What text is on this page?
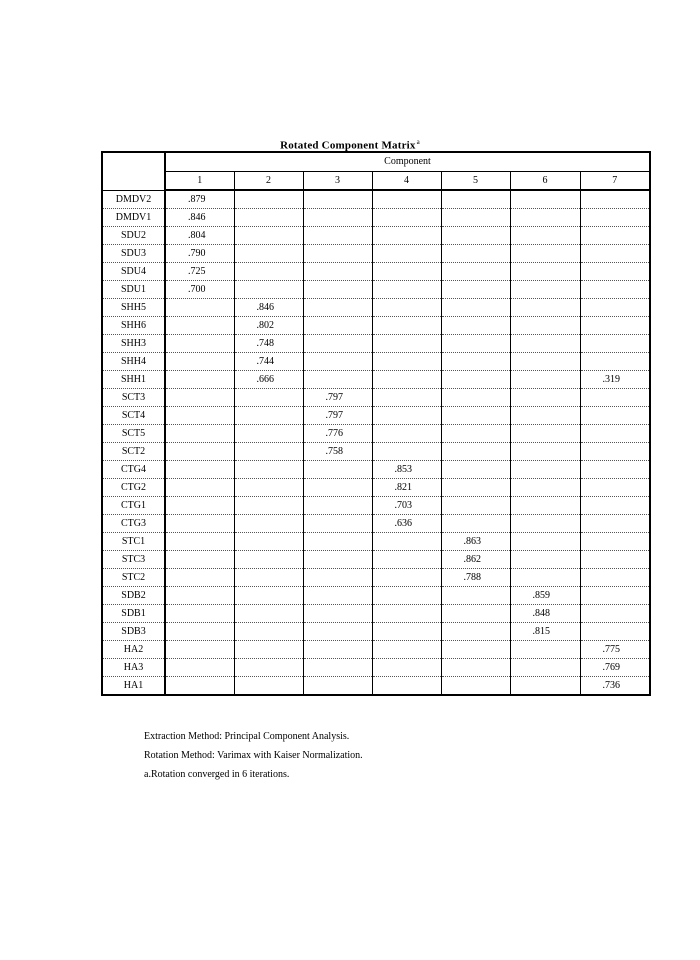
Rotated Component Matrix$^a$
	Component						
	1	2	3	4	5	6	7
DMDV2	.879						
DMDV1	.846						
SDU2	.804						
SDU3	.790						
SDU4	.725						
SDU1	.700						
SHH5		.846					
SHH6		.802					
SHH3		.748					
SHH4		.744					
SHH1		.666					.319
SCT3			.797				
SCT4			.797				
SCT5			.776				
SCT2			.758				
CTG4				.853			
CTG2				.821			
CTG1				.703			
CTG3				.636			
STC1					.863		
STC3					.862		
STC2					.788		
SDB2						.859	
SDB1						.848	
SDB3						.815	
HA2							.775
HA3							.769
HA1							.736
Extraction Method: Principal Component Analysis.
Rotation Method: Varimax with Kaiser Normalization.
a.Rotation converged in 6 iterations.
